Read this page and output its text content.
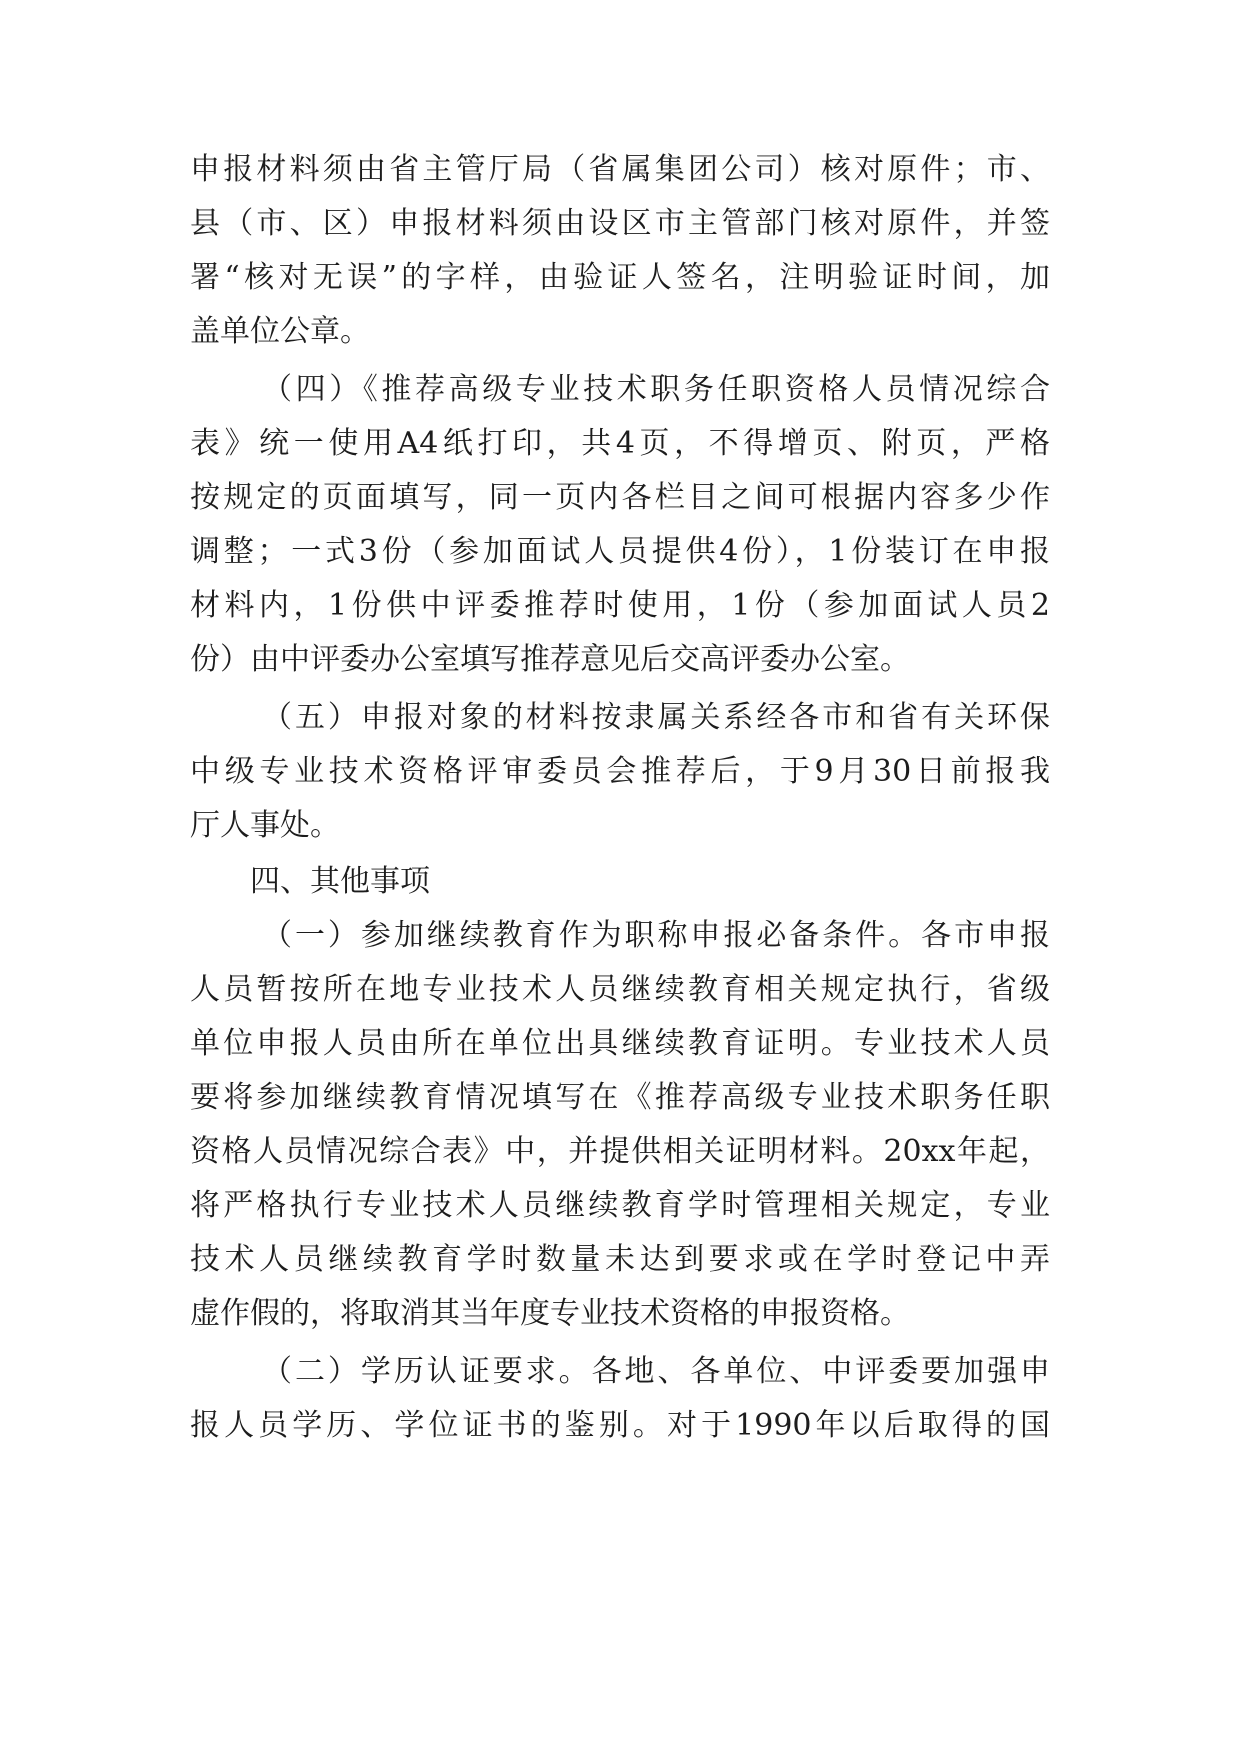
申报材料须由省主管厅局（省属集团公司）核对原件；市、
县（市、区）申报材料须由设区市主管部门核对原件，并签
署“核对无误”的字样，由验证人签名，注明验证时间，加
盖单位公章。
（四）《推荐高级专业技术职务任职资格人员情况综合
表》统一使用A4纸打印，共4页，不得增页、附页，严格
按规定的页面填写，同一页内各栏目之间可根据内容多少作
调整；一式3份（参加面试人员提供4份），1份装订在申报
材料内，1份供中评委推荐时使用，1份（参加面试人员2
份）由中评委办公室填写推荐意见后交高评委办公室。
（五）申报对象的材料按隶属关系经各市和省有关环保
中级专业技术资格评审委员会推荐后，于9月30日前报我
厅人事处。
四、其他事项
（一）参加继续教育作为职称申报必备条件。各市申报
人员暂按所在地专业技术人员继续教育相关规定执行，省级
单位申报人员由所在单位出具继续教育证明。专业技术人员
要将参加继续教育情况填写在《推荐高级专业技术职务任职
资格人员情况综合表》中，并提供相关证明材料。20xx年起，
将严格执行专业技术人员继续教育学时管理相关规定，专业
技术人员继续教育学时数量未达到要求或在学时登记中弄
虚作假的，将取消其当年度专业技术资格的申报资格。
（二）学历认证要求。各地、各单位、中评委要加强申
报人员学历、学位证书的鉴别。对于1990年以后取得的国
